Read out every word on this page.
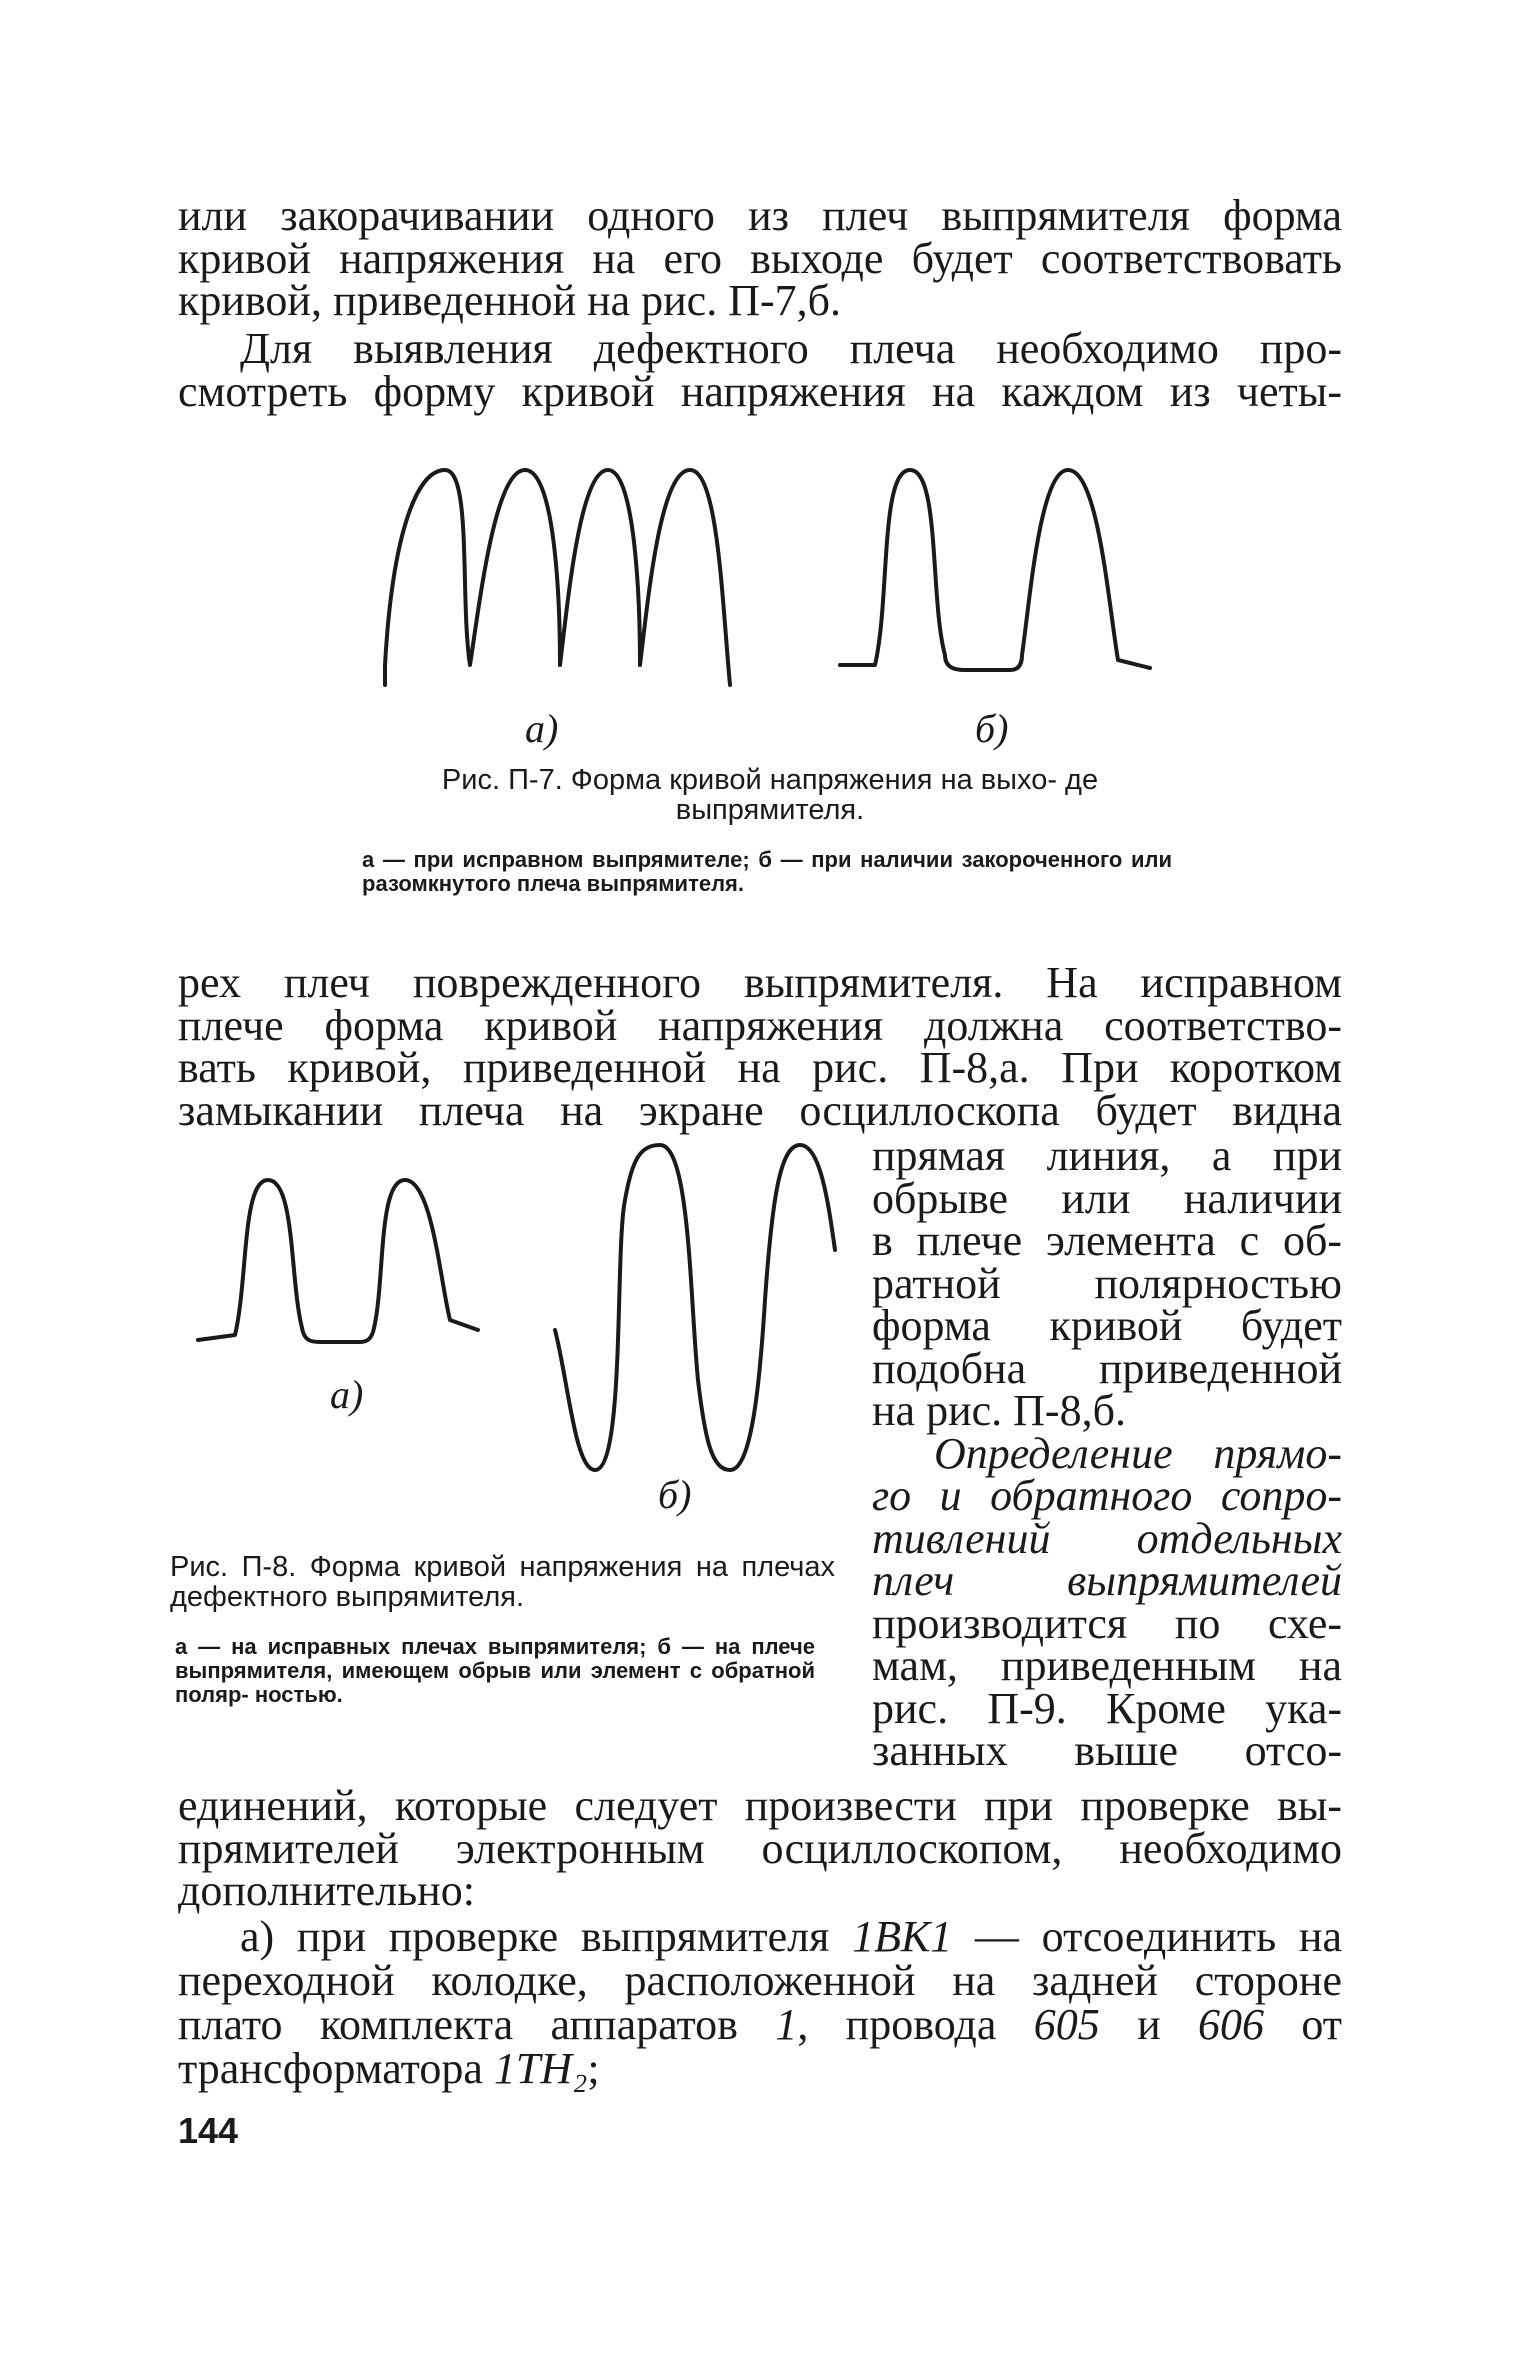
или закорачивании одного из плеч выпрямителя форма
кривой напряжения на его выходе будет соответствовать
кривой, приведенной на рис. П-7,б.
Для выявления дефектного плеча необходимо про-
смотреть форму кривой напряжения на каждом из четы-
а)	б)
Рис. П-7. Форма кривой напряжения на выхо- де выпрямителя.
а — при исправном выпрямителе; б — при наличии закороченного или разомкнутого плеча выпрямителя.
рех плеч поврежденного выпрямителя. На исправном
плече форма кривой напряжения должна соответство-
вать кривой, приведенной на рис. П-8,а. При коротком
замыкании плеча на экране осциллоскопа будет видна
прямая линия, а при
обрыве или наличии
в плече элемента с об-
ратной полярностью
форма кривой будет
подобна приведенной
на рис. П-8,б.
Определение прямо-
го и обратного сопро-
тивлений отдельных
плеч выпрямителей
производится по схе-
мам, приведенным на
рис. П-9. Кроме ука-
занных выше отсо-
а)
б)
Рис. П-8. Форма кривой напряжения на плечах дефектного выпрямителя.
а — на исправных плечах выпрямителя; б — на плече выпрямителя, имеющем обрыв или элемент с обратной поляр- ностью.
единений, которые следует произвести при проверке вы-
прямителей электронным осциллоскопом, необходимо
дополнительно:
а) при проверке выпрямителя 1ВК1 — отсоединить на
переходной колодке, расположенной на задней стороне
плато комплекта аппаратов 1, провода 605 и 606 от
трансформатора 1ТН₂;
144
